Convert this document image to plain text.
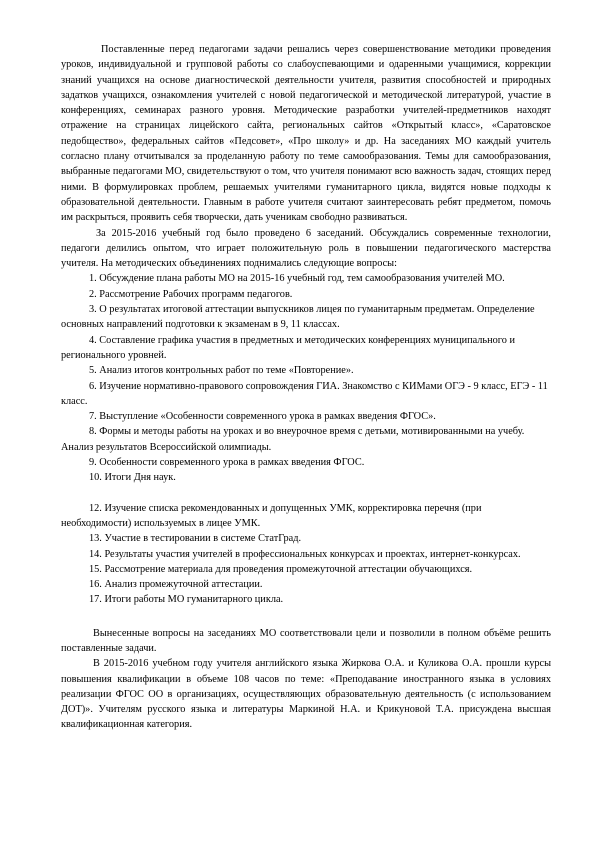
Поставленные перед педагогами задачи решались через совершенствование методики проведения уроков, индивидуальной и групповой работы со слабоуспевающими и одаренными учащимися, коррекции знаний учащихся на основе диагностической деятельности учителя, развития способностей и природных задатков учащихся, ознакомления учителей с новой педагогической и методической литературой, участие в конференциях, семинарах разного уровня. Методические разработки учителей-предметников находят отражение на страницах лицейского сайта, региональных сайтов «Открытый класс», «Саратовское педобщество», федеральных сайтов «Педсовет», «Про школу» и др. На заседаниях МО каждый учитель согласно плану отчитывался за проделанную работу по теме самообразования. Темы для самообразования, выбранные педагогами МО, свидетельствуют о том, что учителя понимают всю важность задач, стоящих перед ними. В формулировках проблем, решаемых учителями гуманитарного цикла, видятся новые подходы к образовательной деятельности. Главным в работе учителя считают заинтересовать ребят предметом, помочь им раскрыться, проявить себя творчески, дать ученикам свободно развиваться.

За 2015-2016 учебный год было проведено 6 заседаний. Обсуждались современные технологии, педагоги делились опытом, что играет положительную роль в повышении педагогического мастерства учителя. На методических объединениях поднимались следующие вопросы:

1. Обсуждение плана работы МО на 2015-16 учебный год, тем самообразования учителей МО.
2. Рассмотрение Рабочих программ педагогов.
3. О результатах итоговой аттестации выпускников лицея по гуманитарным предметам. Определение основных направлений подготовки к экзаменам в 9, 11 классах.
4. Составление графика участия в предметных и методических конференциях муниципального и регионального уровней.
5. Анализ итогов контрольных работ по теме «Повторение».
6. Изучение нормативно-правового сопровождения ГИА. Знакомство с КИМами ОГЭ - 9 класс, ЕГЭ - 11 класс.
7. Выступление «Особенности современного урока в рамках введения ФГОС».
8. Формы и методы работы на уроках и во внеурочное время с детьми, мотивированными на учебу. Анализ результатов Всероссийской олимпиады.
9. Особенности современного урока в рамках введения ФГОС.
10. Итоги Дня наук.
12. Изучение списка рекомендованных и допущенных УМК, корректировка перечня (при необходимости) используемых в лицее УМК.
13. Участие в тестировании в системе СтатГрад.
14. Результаты участия учителей в профессиональных конкурсах и проектах, интернет-конкурсах.
15. Рассмотрение материала для проведения промежуточной аттестации обучающихся.
16. Анализ промежуточной аттестации.
17. Итоги работы МО гуманитарного цикла.

Вынесенные вопросы на заседаниях МО соответствовали цели и позволили в полном объёме решить поставленные задачи.

В 2015-2016 учебном году учителя английского языка Жиркова О.А. и Куликова О.А. прошли курсы повышения квалификации в объеме 108 часов по теме: «Преподавание иностранного языка в условиях реализации ФГОС ОО в организациях, осуществляющих образовательную деятельность (с использованием ДОТ)». Учителям русского языка и литературы Маркиной Н.А. и Крикуновой Т.А. присуждена высшая квалификационная категория.
